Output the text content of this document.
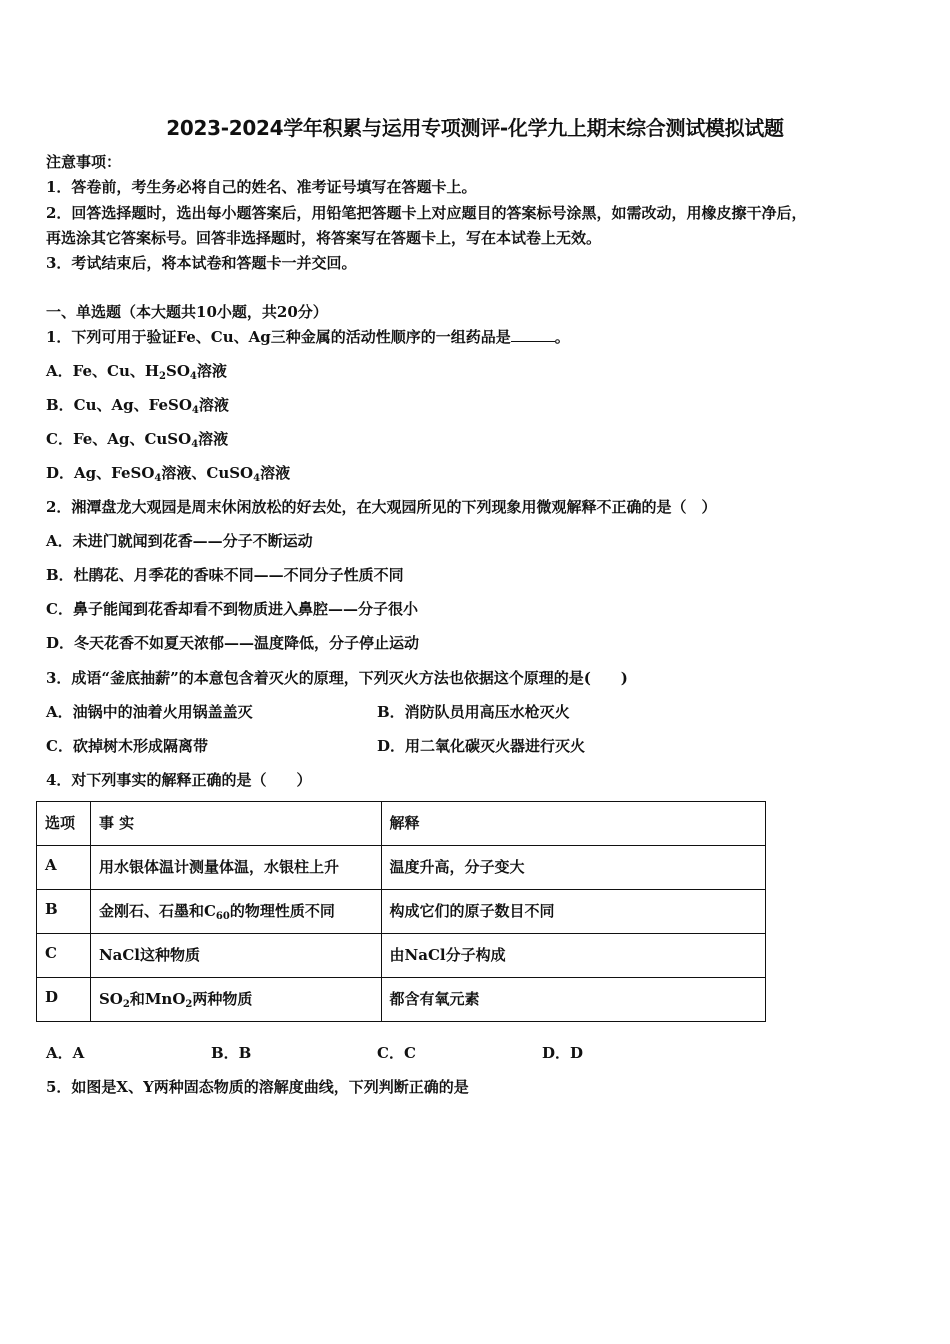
2023-2024学年积累与运用专项测评-化学九上期末综合测试模拟试题
注意事项：
1．答卷前，考生务必将自己的姓名、准考证号填写在答题卡上。
2．回答选择题时，选出每小题答案后，用铅笔把答题卡上对应题目的答案标号涂黑，如需改动，用橡皮擦干净后，
再选涂其它答案标号。回答非选择题时，将答案写在答题卡上，写在本试卷上无效。
3．考试结束后，将本试卷和答题卡一并交回。
一、单选题（本大题共10小题，共20分）
1．下列可用于验证Fe、Cu、Ag三种金属的活动性顺序的一组药品是	。
A．Fe、Cu、$H_2SO_4$溶液
B．Cu、Ag、FeSO$_4$溶液
C．Fe、Ag、CuSO$_4$溶液
D．Ag、FeSO$_4$溶液、CuSO$_4$溶液
2．湘潭盘龙大观园是周末休闲放松的好去处，在大观园所见的下列现象用微观解释不正确的是（　）
A．未进门就闻到花香——分子不断运动
B．杜鹃花、月季花的香味不同——不同分子性质不同
C．鼻子能闻到花香却看不到物质进入鼻腔——分子很小
D．冬天花香不如夏天浓郁——温度降低，分子停止运动
3．成语“釜底抽薪”的本意包含着灭火的原理，下列灭火方法也依据这个原理的是(　　)
A．油锅中的油着火用锅盖盖灭	B．消防队员用高压水枪灭火
C．砍掉树木形成隔离带	D．用二氧化碳灭火器进行灭火
4．对下列事实的解释正确的是（　　）
选项	事 实	解释
A	用水银体温计测量体温，水银柱上升	温度升高，分子变大
B	金刚石、石墨和$C_{60}$的物理性质不同	构成它们的原子数目不同
C	NaCl这种物质	由NaCl分子构成
D	$SO_2$和MnO$_2$两种物质	都含有氧元素
A．A	B．B	C．C	D．D
5．如图是X、Y两种固态物质的溶解度曲线，下列判断正确的是
